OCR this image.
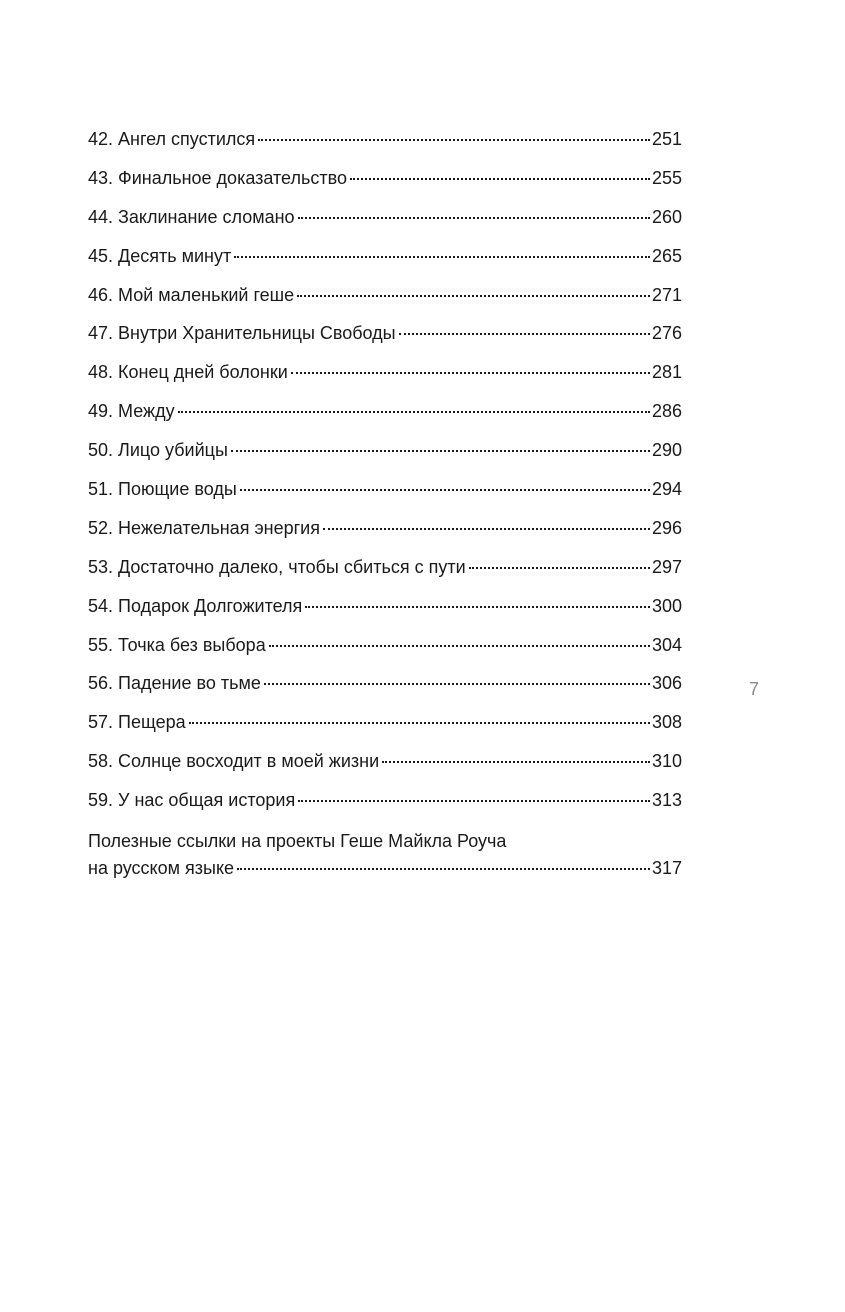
42. Ангел спустился	251
43. Финальное доказательство	255
44. Заклинание сломано	260
45. Десять минут	265
46. Мой маленький геше	271
47. Внутри Хранительницы Свободы	276
48. Конец дней болонки	281
49. Между	286
50. Лицо убийцы	290
51. Поющие воды	294
52. Нежелательная энергия	296
53. Достаточно далеко, чтобы сбиться с пути	297
54. Подарок Долгожителя	300
55. Точка без выбора	304
56. Падение во тьме	306
57. Пещера	308
58. Солнце восходит в моей жизни	310
59. У нас общая история	313
Полезные ссылки на проекты Геше Майкла Роуча
на русском языке	317
7
